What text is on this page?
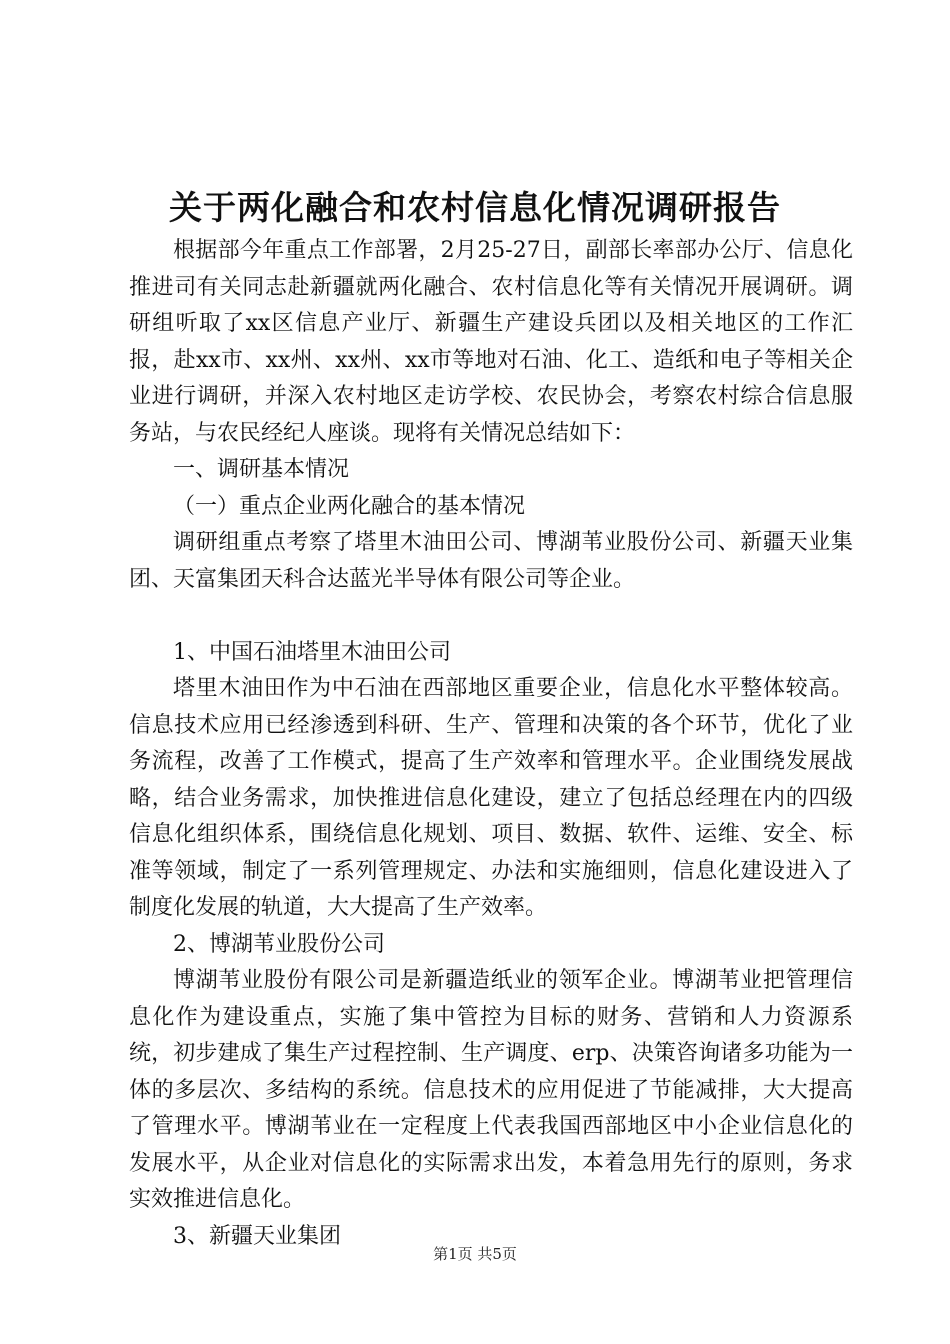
关于两化融合和农村信息化情况调研报告

根据部今年重点工作部署，2月25-27日，副部长率部办公厅、信息化推进司有关同志赴新疆就两化融合、农村信息化等有关情况开展调研。调研组听取了xx区信息产业厅、新疆生产建设兵团以及相关地区的工作汇报，赴xx市、xx州、xx州、xx市等地对石油、化工、造纸和电子等相关企业进行调研，并深入农村地区走访学校、农民协会，考察农村综合信息服务站，与农民经纪人座谈。现将有关情况总结如下：

一、调研基本情况

（一）重点企业两化融合的基本情况

调研组重点考察了塔里木油田公司、博湖苇业股份公司、新疆天业集团、天富集团天科合达蓝光半导体有限公司等企业。

1、中国石油塔里木油田公司

塔里木油田作为中石油在西部地区重要企业，信息化水平整体较高。信息技术应用已经渗透到科研、生产、管理和决策的各个环节，优化了业务流程，改善了工作模式，提高了生产效率和管理水平。企业围绕发展战略，结合业务需求，加快推进信息化建设，建立了包括总经理在内的四级信息化组织体系，围绕信息化规划、项目、数据、软件、运维、安全、标准等领域，制定了一系列管理规定、办法和实施细则，信息化建设进入了制度化发展的轨道，大大提高了生产效率。

2、博湖苇业股份公司

博湖苇业股份有限公司是新疆造纸业的领军企业。博湖苇业把管理信息化作为建设重点，实施了集中管控为目标的财务、营销和人力资源系统，初步建成了集生产过程控制、生产调度、erp、决策咨询诸多功能为一体的多层次、多结构的系统。信息技术的应用促进了节能减排，大大提高了管理水平。博湖苇业在一定程度上代表我国西部地区中小企业信息化的发展水平，从企业对信息化的实际需求出发，本着急用先行的原则，务求实效推进信息化。

3、新疆天业集团

第1页 共5页
